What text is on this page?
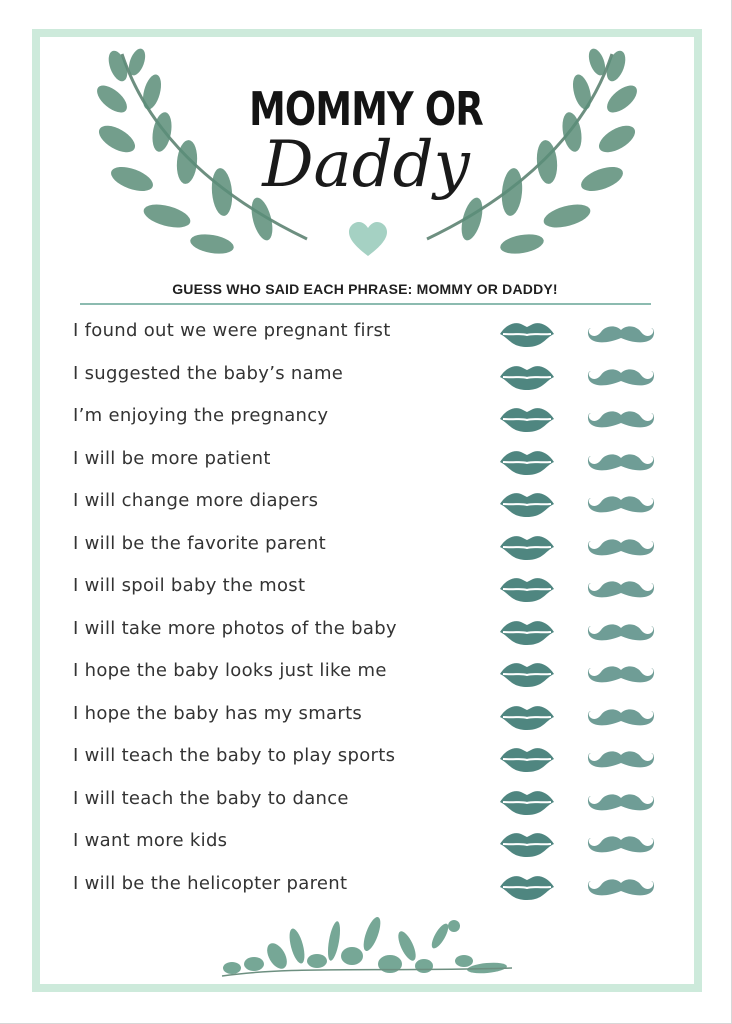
MOMMY OR
Daddy
GUESS WHO SAID EACH PHRASE: MOMMY OR DADDY!
I found out we were pregnant first
I suggested the baby’s name
I’m enjoying the pregnancy
I will be more patient
I will change more diapers
I will be the favorite parent
I will spoil baby the most
I will take more photos of the baby
I hope the baby looks just like me
I hope the baby has my smarts
I will teach the baby to play sports
I will teach the baby to dance
I want more kids
I will be the helicopter parent
